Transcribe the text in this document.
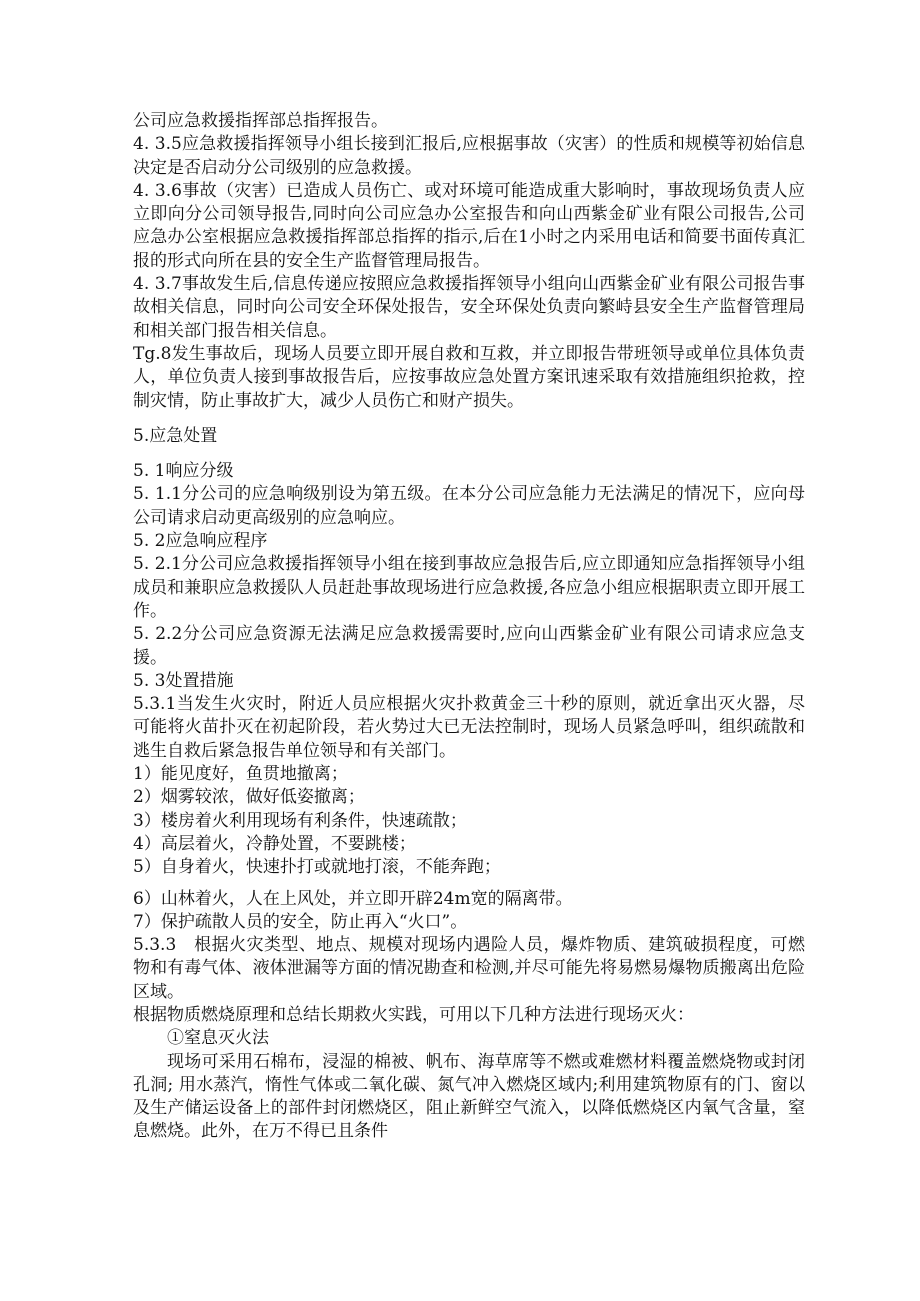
公司应急救援指挥部总指挥报告。

4. 3.5应急救援指挥领导小组长接到汇报后,应根据事故（灾害）的性质和规模等初始信息决定是否启动分公司级别的应急救援。

4. 3.6事故（灾害）已造成人员伤亡、或对环境可能造成重大影响时，事故现场负责人应立即向分公司领导报告,同时向公司应急办公室报告和向山西紫金矿业有限公司报告,公司应急办公室根据应急救援指挥部总指挥的指示,后在1小时之内采用电话和简要书面传真汇报的形式向所在县的安全生产监督管理局报告。

4. 3.7事故发生后,信息传递应按照应急救援指挥领导小组向山西紫金矿业有限公司报告事故相关信息，同时向公司安全环保处报告，安全环保处负责向繁峙县安全生产监督管理局和相关部门报告相关信息。

Tg.8发生事故后，现场人员要立即开展自救和互救，并立即报告带班领导或单位具体负责人，单位负责人接到事故报告后，应按事故应急处置方案讯速采取有效措施组织抢救，控制灾情，防止事故扩大，减少人员伤亡和财产损失。

5.应急处置

5. 1响应分级

5. 1.1分公司的应急响级别设为第五级。在本分公司应急能力无法满足的情况下，应向母公司请求启动更高级别的应急响应。

5. 2应急响应程序

5. 2.1分公司应急救援指挥领导小组在接到事故应急报告后,应立即通知应急指挥领导小组成员和兼职应急救援队人员赶赴事故现场进行应急救援,各应急小组应根据职责立即开展工作。

5. 2.2分公司应急资源无法满足应急救援需要时,应向山西紫金矿业有限公司请求应急支援。

5. 3处置措施

5.3.1当发生火灾时，附近人员应根据火灾扑救黄金三十秒的原则，就近拿出灭火器，尽可能将火苗扑灭在初起阶段，若火势过大已无法控制时，现场人员紧急呼叫，组织疏散和逃生自救后紧急报告单位领导和有关部门。

1）能见度好，鱼贯地撤离；

2）烟雾较浓，做好低姿撤离；

3）楼房着火利用现场有利条件，快速疏散；

4）高层着火，冷静处置，不要跳楼；

5）自身着火，快速扑打或就地打滚，不能奔跑；

6）山林着火，人在上风处，并立即开辟24m宽的隔离带。

7）保护疏散人员的安全，防止再入“火口”。

5.3.3　根据火灾类型、地点、规模对现场内遇险人员，爆炸物质、建筑破损程度，可燃物和有毒气体、液体泄漏等方面的情况勘查和检测,并尽可能先将易燃易爆物质搬离出危险区域。

根据物质燃烧原理和总结长期救火实践，可用以下几种方法进行现场灭火：

①窒息灭火法

现场可采用石棉布，浸湿的棉被、帆布、海草席等不燃或难燃材料覆盖燃烧物或封闭孔洞; 用水蒸汽，惰性气体或二氧化碳、氮气冲入燃烧区域内;利用建筑物原有的门、窗以及生产储运设备上的部件封闭燃烧区，阻止新鲜空气流入，以降低燃烧区内氧气含量，窒息燃烧。此外，在万不得已且条件
